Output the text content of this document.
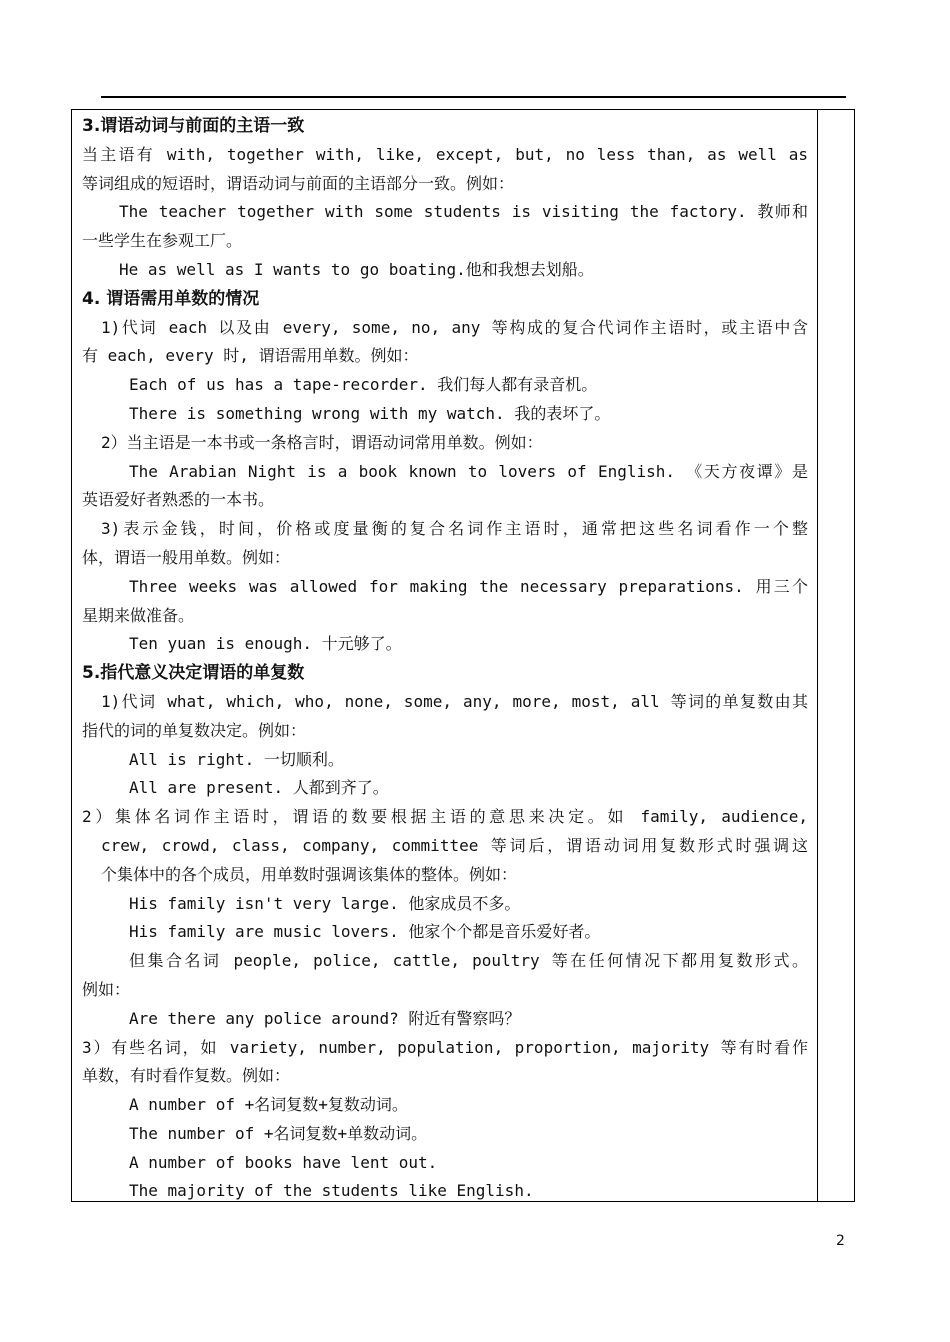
3.谓语动词与前面的主语一致
当主语有 with, together with, like, except, but, no less than, as well as
等词组成的短语时，谓语动词与前面的主语部分一致。例如：
The teacher together with some students is visiting the factory. 教师和
一些学生在参观工厂。
He as well as I wants to go boating.他和我想去划船。
4. 谓语需用单数的情况
1)代词 each 以及由 every, some, no, any 等构成的复合代词作主语时，或主语中含
有 each, every 时, 谓语需用单数。例如：
Each of us has a tape-recorder. 我们每人都有录音机。
There is something wrong with my watch. 我的表坏了。
2）当主语是一本书或一条格言时，谓语动词常用单数。例如：
The Arabian Night is a book known to lovers of English. 《天方夜谭》是
英语爱好者熟悉的一本书。
3)表示金钱，时间，价格或度量衡的复合名词作主语时，通常把这些名词看作一个整
体，谓语一般用单数。例如：
Three weeks was allowed for making the necessary preparations. 用三个
星期来做准备。
Ten yuan is enough. 十元够了。
5.指代意义决定谓语的单复数
1)代词 what, which, who, none, some, any, more, most, all 等词的单复数由其
指代的词的单复数决定。例如：
All is right. 一切顺利。
All are present. 人都到齐了。
2）集体名词作主语时，谓语的数要根据主语的意思来决定。如 family, audience,
crew, crowd, class, company, committee 等词后，谓语动词用复数形式时强调这
个集体中的各个成员，用单数时强调该集体的整体。例如：
His family isn't very large. 他家成员不多。
His family are music lovers. 他家个个都是音乐爱好者。
但集合名词 people, police, cattle, poultry 等在任何情况下都用复数形式。
例如：
Are there any police around? 附近有警察吗？
3）有些名词，如 variety, number, population, proportion, majority 等有时看作
单数，有时看作复数。例如：
A number of +名词复数+复数动词。
The number of +名词复数+单数动词。
A number of books have lent out.
The majority of the students like English.
2
